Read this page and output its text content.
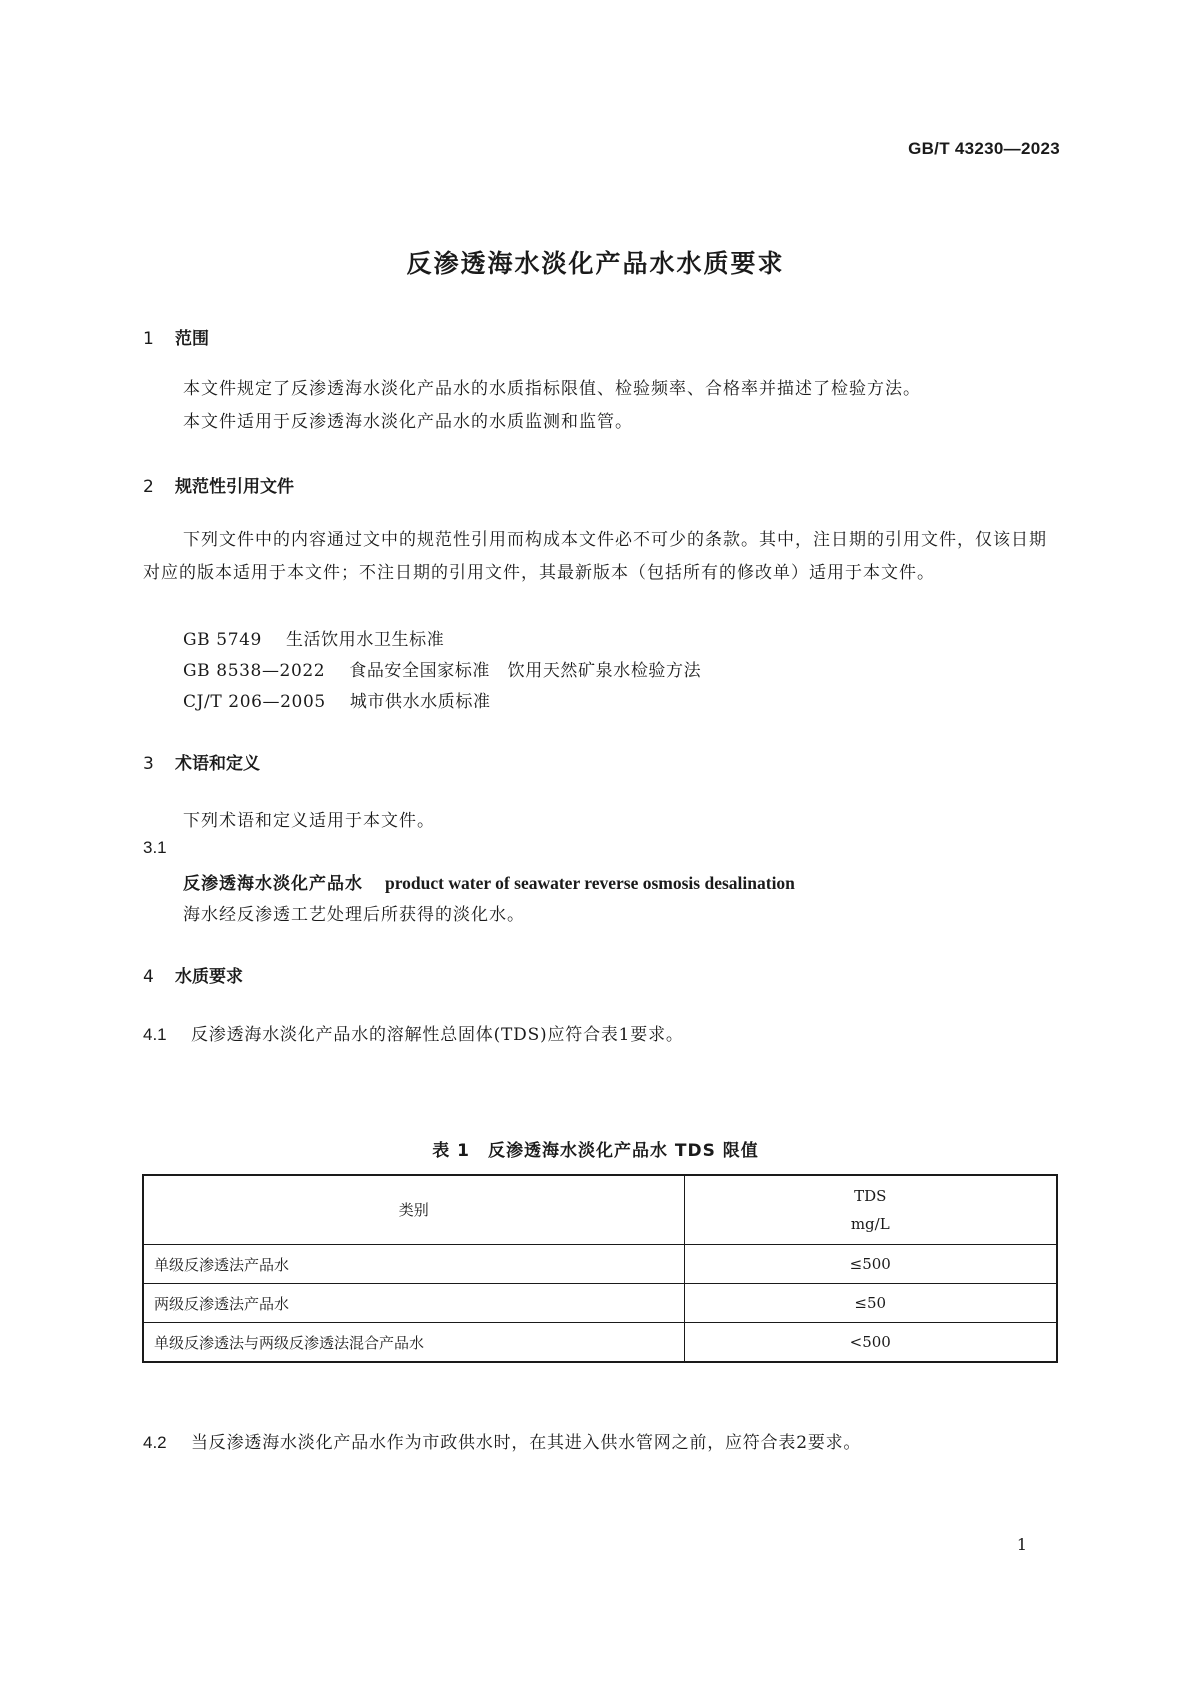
GB/T 43230—2023
反渗透海水淡化产品水水质要求
1 范围
本文件规定了反渗透海水淡化产品水的水质指标限值、检验频率、合格率并描述了检验方法。
本文件适用于反渗透海水淡化产品水的水质监测和监管。
2 规范性引用文件
下列文件中的内容通过文中的规范性引用而构成本文件必不可少的条款。其中，注日期的引用文件，仅该日期对应的版本适用于本文件；不注日期的引用文件，其最新版本（包括所有的修改单）适用于本文件。
GB 5749 生活饮用水卫生标准
GB 8538—2022 食品安全国家标准　饮用天然矿泉水检验方法
CJ/T 206—2005 城市供水水质标准
3 术语和定义
下列术语和定义适用于本文件。
3.1
反渗透海水淡化产品水 product water of seawater reverse osmosis desalination
海水经反渗透工艺处理后所获得的淡化水。
4 水质要求
4.1 反渗透海水淡化产品水的溶解性总固体(TDS)应符合表1要求。
表 1　反渗透海水淡化产品水 TDS 限值
类别	TDS
mg/L

单级反渗透法产品水	≤500
两级反渗透法产品水	≤50
单级反渗透法与两级反渗透法混合产品水	<500
4.2 当反渗透海水淡化产品水作为市政供水时，在其进入供水管网之前，应符合表2要求。
1
